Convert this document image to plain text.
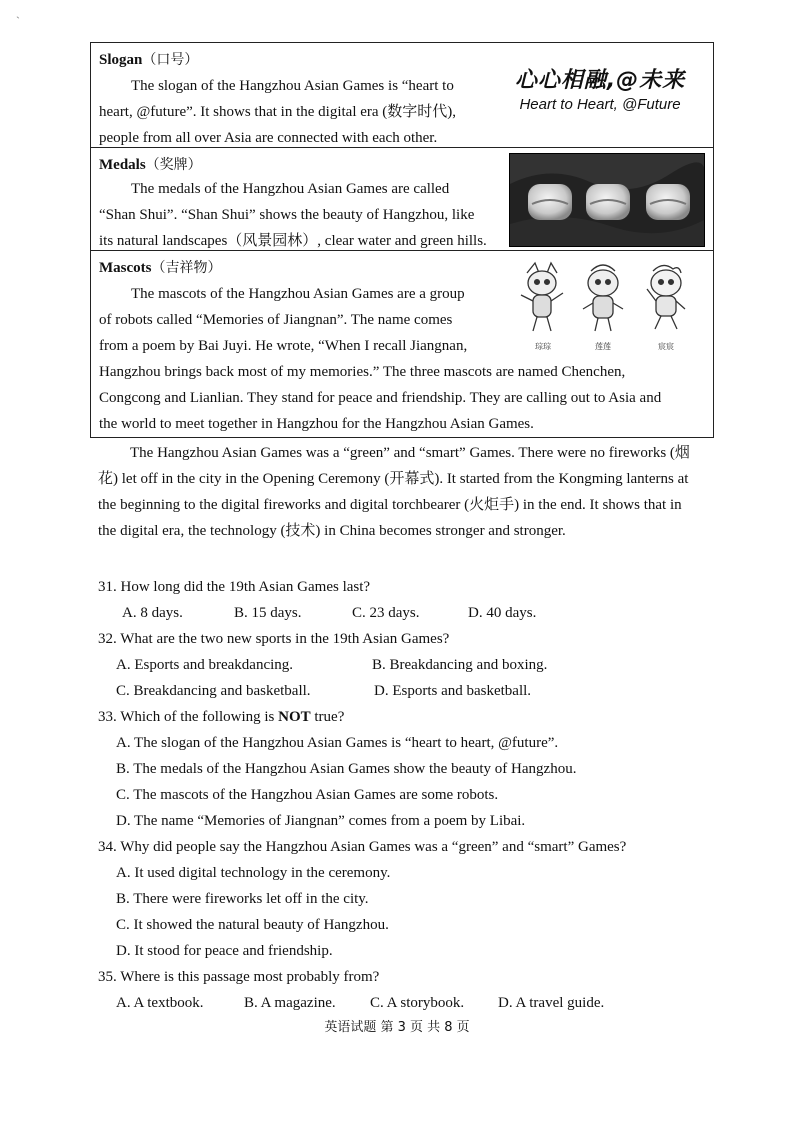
ˋ
Slogan（口号）
The slogan of the Hangzhou Asian Games is “heart to
heart, @future”. It shows that in the digital era (数字时代),
people from all over Asia are connected with each other.
心心相融,@未来
Heart to Heart, @Future
Medals（奖牌）
The medals of the Hangzhou Asian Games are called
“Shan Shui”. “Shan Shui” shows the beauty of Hangzhou, like
its natural landscapes（风景园林）, clear water and green hills.
Mascots（吉祥物）
The mascots of the Hangzhou Asian Games are a group
of robots called “Memories of Jiangnan”. The name comes
from a poem by Bai Juyi. He wrote, “When I recall Jiangnan,
Hangzhou brings back most of my memories.” The three mascots are named Chenchen,
Congcong and Lianlian. They stand for peace and friendship. They are calling out to Asia and
the world to meet together in Hangzhou for the Hangzhou Asian Games.
琮琮	莲莲	宸宸
The Hangzhou Asian Games was a “green” and “smart” Games. There were no fireworks (烟
花) let off in the city in the Opening Ceremony (开幕式). It started from the Kongming lanterns at
the beginning to the digital fireworks and digital torchbearer (火炬手) in the end. It shows that in
the digital era, the technology (技术) in China becomes stronger and stronger.
31. How long did the 19th Asian Games last?
A. 8 days.	B. 15 days.	C. 23 days.	D. 40 days.
32. What are the two new sports in the 19th Asian Games?
A. Esports and breakdancing.	B. Breakdancing and boxing.
C. Breakdancing and basketball.	D. Esports and basketball.
33. Which of the following is NOT true?
A. The slogan of the Hangzhou Asian Games is “heart to heart, @future”.
B. The medals of the Hangzhou Asian Games show the beauty of Hangzhou.
C. The mascots of the Hangzhou Asian Games are some robots.
D. The name “Memories of Jiangnan” comes from a poem by Libai.
34. Why did people say the Hangzhou Asian Games was a “green” and “smart” Games?
A. It used digital technology in the ceremony.
B. There were fireworks let off in the city.
C. It showed the natural beauty of Hangzhou.
D. It stood for peace and friendship.
35. Where is this passage most probably from?
A. A textbook.	B. A magazine. C. A storybook. D. A travel guide.
英语试题 第 3 页 共 8 页
